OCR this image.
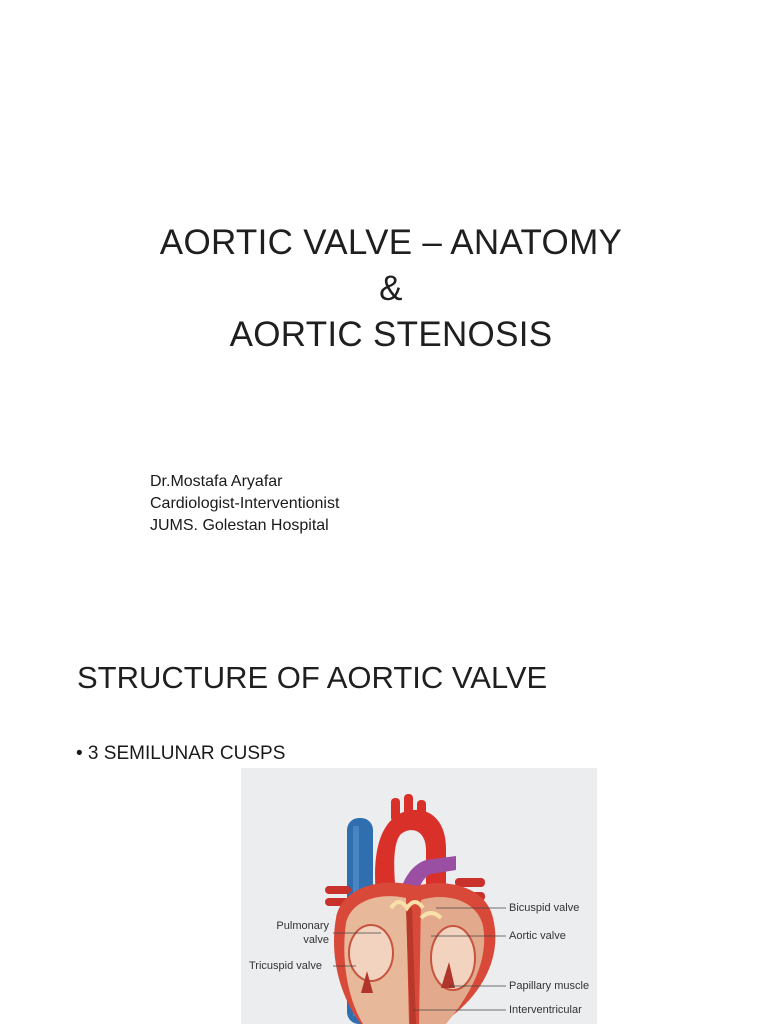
AORTIC VALVE – ANATOMY
&
AORTIC STENOSIS
Dr.Mostafa Aryafar
Cardiologist-Interventionist
JUMS. Golestan Hospital
STRUCTURE OF AORTIC VALVE
• 3 SEMILUNAR CUSPS
Pulmonary
valve
Tricuspid valve
Bicuspid valve
Aortic valve
Papillary muscle
Interventricular
